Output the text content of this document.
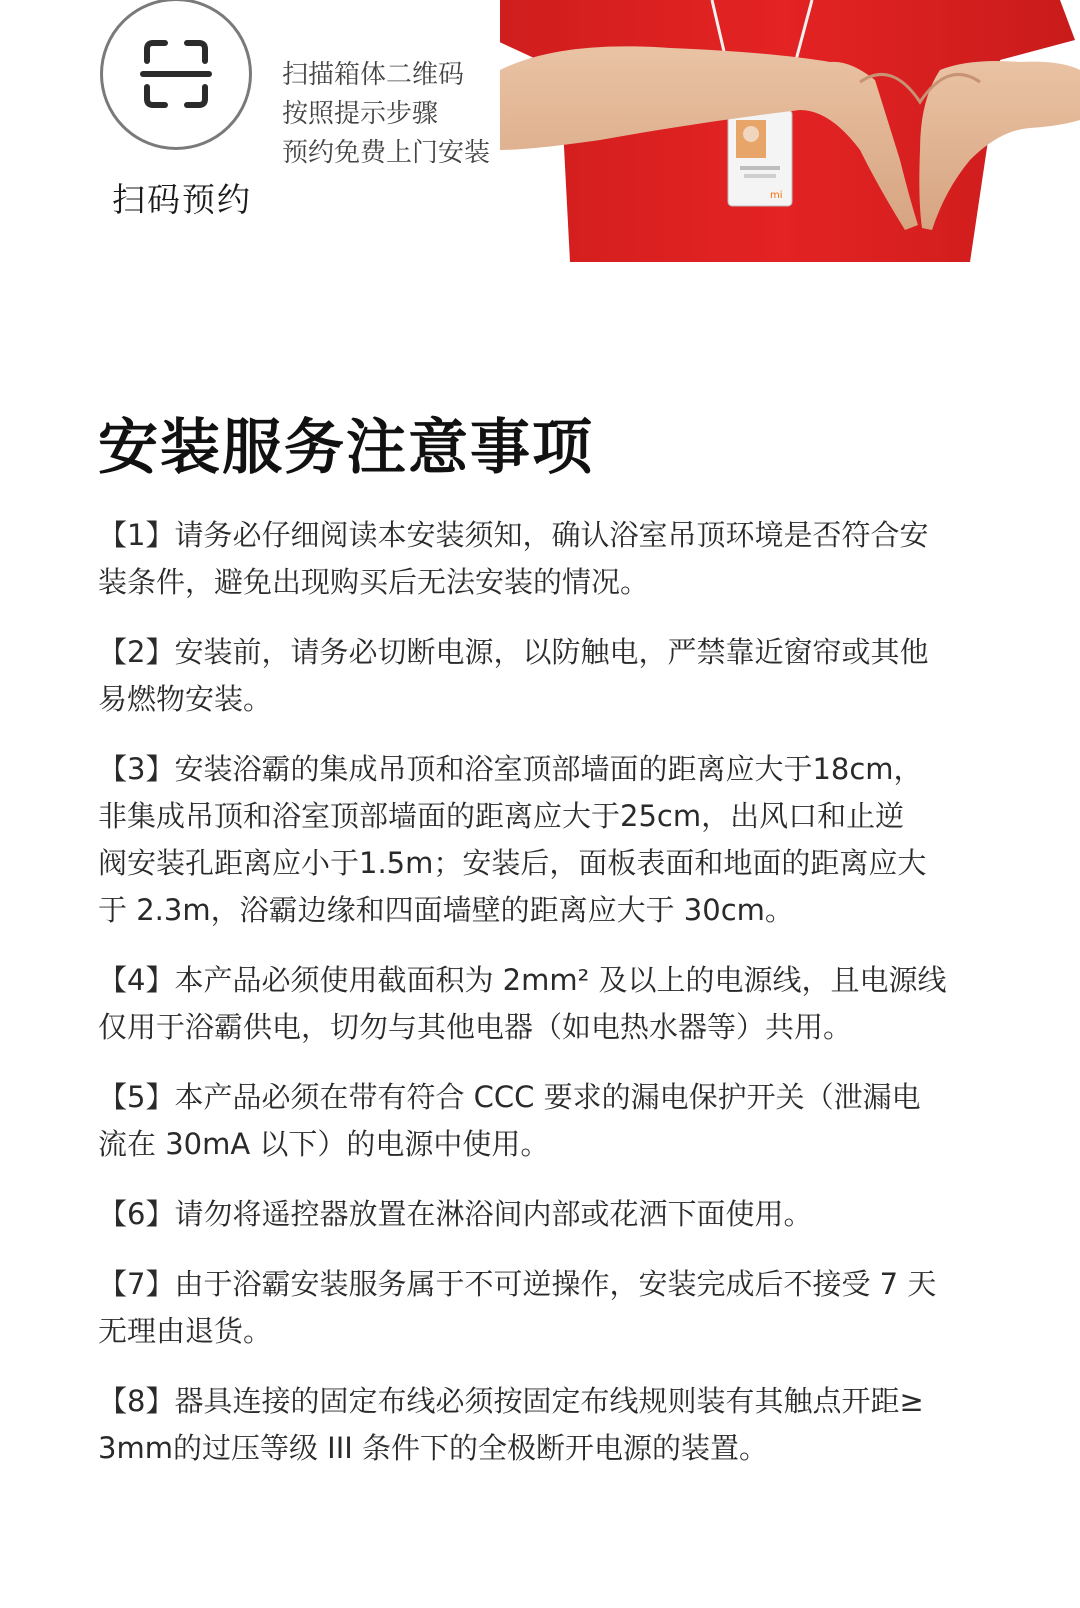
扫码预约
扫描箱体二维码
按照提示步骤
预约免费上门安装
mi
安装服务注意事项
【1】请务必仔细阅读本安装须知，确认浴室吊顶环境是否符合安
装条件，避免出现购买后无法安装的情况。
【2】安装前，请务必切断电源，以防触电，严禁靠近窗帘或其他
易燃物安装。
【3】安装浴霸的集成吊顶和浴室顶部墙面的距离应大于18cm，
非集成吊顶和浴室顶部墙面的距离应大于25cm，出风口和止逆
阀安装孔距离应小于1.5m；安装后，面板表面和地面的距离应大
于 2.3m，浴霸边缘和四面墙壁的距离应大于 30cm。
【4】本产品必须使用截面积为 2mm² 及以上的电源线，且电源线
仅用于浴霸供电，切勿与其他电器（如电热水器等）共用。
【5】本产品必须在带有符合 CCC 要求的漏电保护开关（泄漏电
流在 30mA 以下）的电源中使用。
【6】请勿将遥控器放置在淋浴间内部或花洒下面使用。
【7】由于浴霸安装服务属于不可逆操作，安装完成后不接受 7 天
无理由退货。
【8】器具连接的固定布线必须按固定布线规则装有其触点开距≥
3mm的过压等级 III 条件下的全极断开电源的装置。
